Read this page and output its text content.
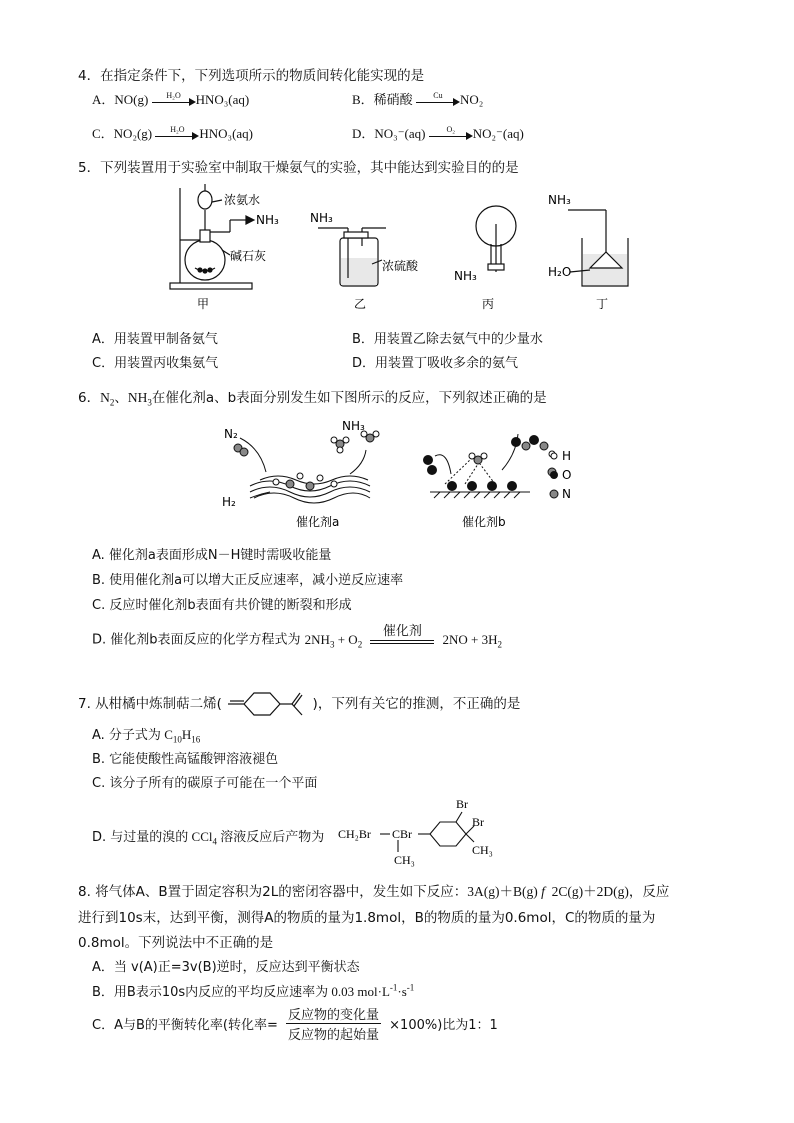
4．在指定条件下，下列选项所示的物质间转化能实现的是
A．NO(g)	H₂O	HNO₃(aq)	B．稀硝酸	Cu	NO₂
C．NO₂(g)	H₂O	HNO₃(aq)	D．NO₃⁻(aq)	O₂	NO₂⁻(aq)
5．下列装置用于实验室中制取干燥氨气的实验，其中能达到实验目的的是
浓氨水
NH₃
碱石灰
甲
NH₃
浓硫酸
乙
NH₃
丙
NH₃
H₂O
丁
A．用装置甲制备氨气	B．用装置乙除去氨气中的少量水
C．用装置丙收集氨气	D．用装置丁吸收多余的氨气
6．$N_2$、$NH_3$在催化剂a、b表面分别发生如下图所示的反应，下列叙述正确的是
N₂
NH₃
H₂
催化剂a
H
O
N
催化剂b
A. 催化剂a表面形成N－H键时需吸收能量
B. 使用催化剂a可以增大正反应速率，减小逆反应速率
C. 反应时催化剂b表面有共价键的断裂和形成
D. 催化剂b表面反应的化学方程式为 $2NH_3 + O_2$
催化剂	$2NO + 3H_2$
7. 从柑橘中炼制萜二烯(	)，下列有关它的推测，不正确的是
A. 分子式为 $C_{10}H_{16}$
B. 它能使酸性高锰酸钾溶液褪色
C. 该分子所有的碳原子可能在一个平面
D. 与过量的溴的 CCl$_4$ 溶液反应后产物为 CH₂Br CBr
CH₃
Br
Br
CH₃
8. 将气体A、B置于固定容积为2L的密闭容器中，发生如下反应：3A(g)＋B(g) f  2C(g)＋2D(g)，反应
进行到10s末，达到平衡，测得A的物质的量为1.8mol，B的物质的量为0.6mol，C的物质的量为
0.8mol。下列说法中不正确的是
A．当 v(A)正=3v(B)逆时，反应达到平衡状态
B．用B表示10s内反应的平均反应速率为 0.03 $mol\cdot L^{-1}\cdot s^{-1}$
C．A与B的平衡转化率(转化率= $\frac{\text{反应物的变化量}}{\text{反应物的起始量}} \times 100\%$)比为1：1
